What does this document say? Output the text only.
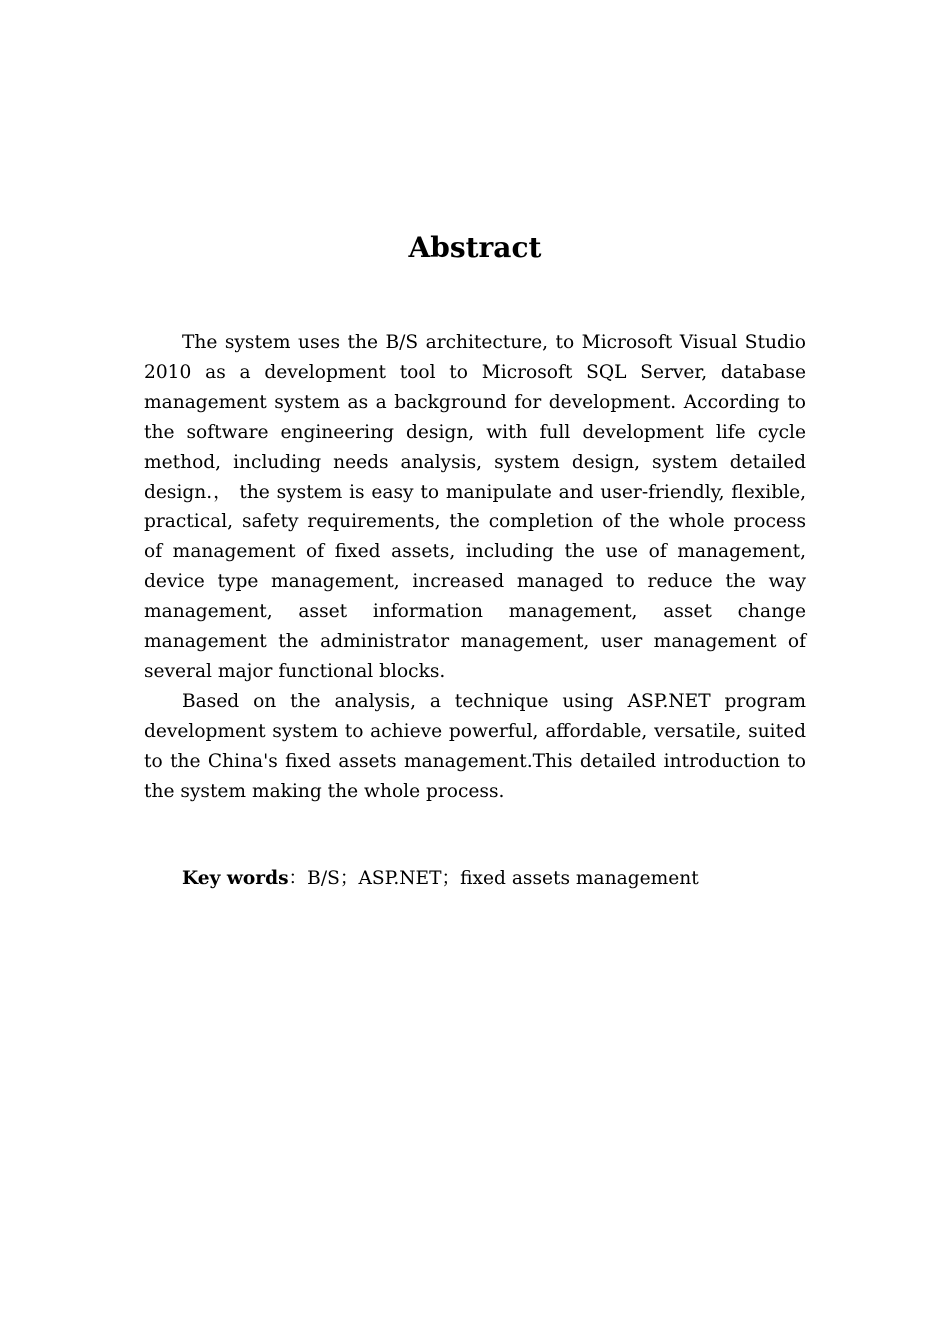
Abstract

The system uses the B/S architecture, to Microsoft Visual Studio 2010 as a development tool to Microsoft SQL Server, database management system as a background for development. According to the software engineering design, with full development life cycle method, including needs analysis, system design, system detailed design.， the system is easy to manipulate and user-friendly, flexible, practical, safety requirements, the completion of the whole process of management of fixed assets, including the use of management, device type management, increased managed to reduce the way management, asset information management, asset change management the administrator management, user management of several major functional blocks.

Based on the analysis, a technique using ASP.NET program development system to achieve powerful, affordable, versatile, suited to the China's fixed assets management.This detailed introduction to the system making the whole process.

Key words：B/S；ASP.NET；fixed assets management
